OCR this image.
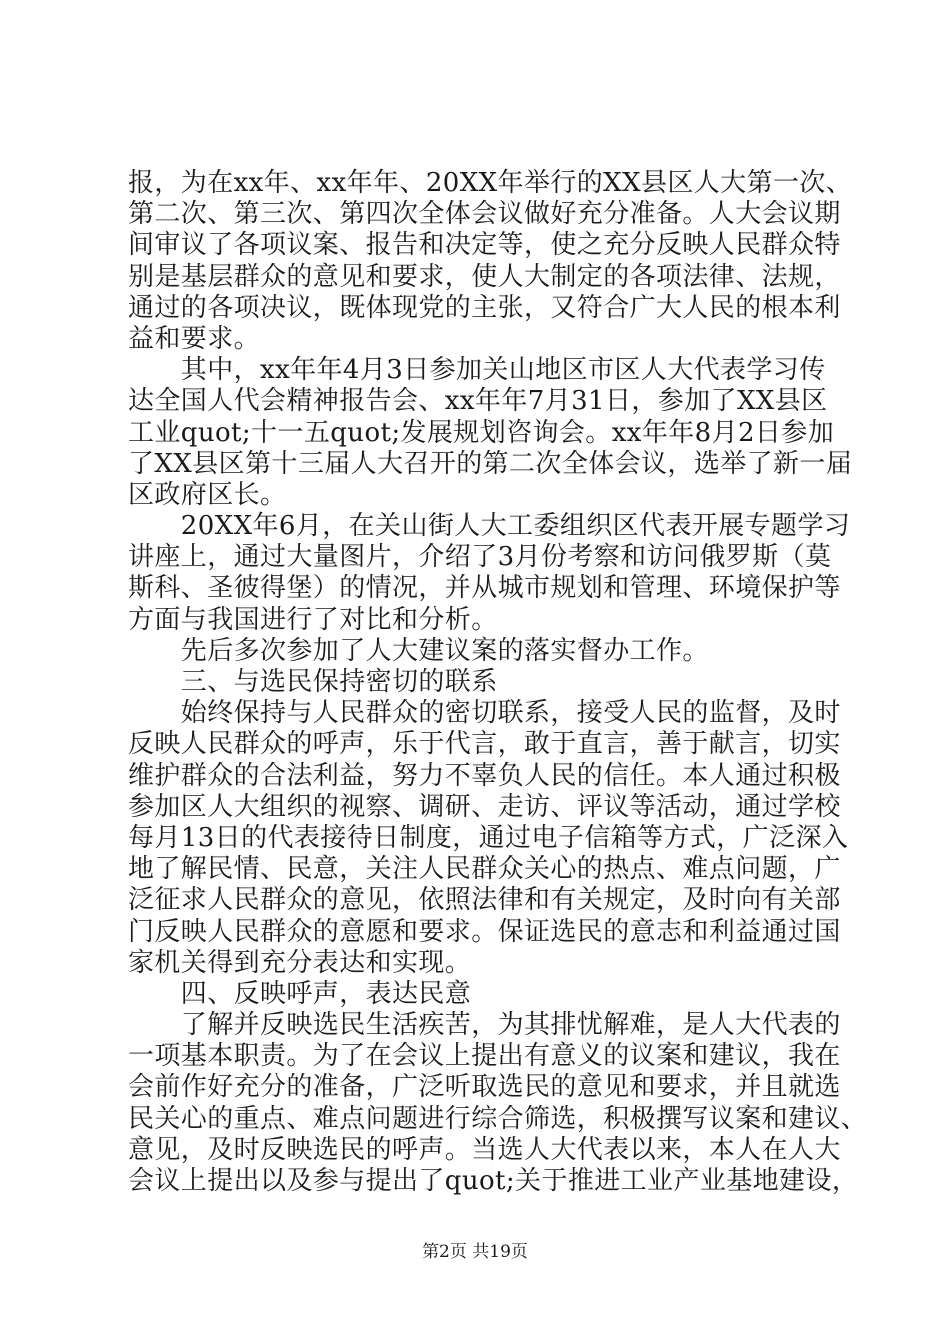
报，为在xx年、xx年年、20XX年举行的XX县区人大第一次、
第二次、第三次、第四次全体会议做好充分准备。人大会议期
间审议了各项议案、报告和决定等，使之充分反映人民群众特
别是基层群众的意见和要求，使人大制定的各项法律、法规，
通过的各项决议，既体现党的主张，又符合广大人民的根本利
益和要求。
　　其中，xx年年4月3日参加关山地区市区人大代表学习传
达全国人代会精神报告会、xx年年7月31日，参加了XX县区
工业quot;十一五quot;发展规划咨询会。xx年年8月2日参加
了XX县区第十三届人大召开的第二次全体会议，选举了新一届
区政府区长。
　　20XX年6月，在关山街人大工委组织区代表开展专题学习
讲座上，通过大量图片，介绍了3月份考察和访问俄罗斯（莫
斯科、圣彼得堡）的情况，并从城市规划和管理、环境保护等
方面与我国进行了对比和分析。
　　先后多次参加了人大建议案的落实督办工作。
　　三、与选民保持密切的联系
　　始终保持与人民群众的密切联系，接受人民的监督，及时
反映人民群众的呼声，乐于代言，敢于直言，善于献言，切实
维护群众的合法利益，努力不辜负人民的信任。本人通过积极
参加区人大组织的视察、调研、走访、评议等活动，通过学校
每月13日的代表接待日制度，通过电子信箱等方式，广泛深入
地了解民情、民意，关注人民群众关心的热点、难点问题，广
泛征求人民群众的意见，依照法律和有关规定，及时向有关部
门反映人民群众的意愿和要求。保证选民的意志和利益通过国
家机关得到充分表达和实现。
　　四、反映呼声，表达民意
　　了解并反映选民生活疾苦，为其排忧解难，是人大代表的
一项基本职责。为了在会议上提出有意义的议案和建议，我在
会前作好充分的准备，广泛听取选民的意见和要求，并且就选
民关心的重点、难点问题进行综合筛选，积极撰写议案和建议、
意见，及时反映选民的呼声。当选人大代表以来，本人在人大
会议上提出以及参与提出了quot;关于推进工业产业基地建设，
第2页 共19页
